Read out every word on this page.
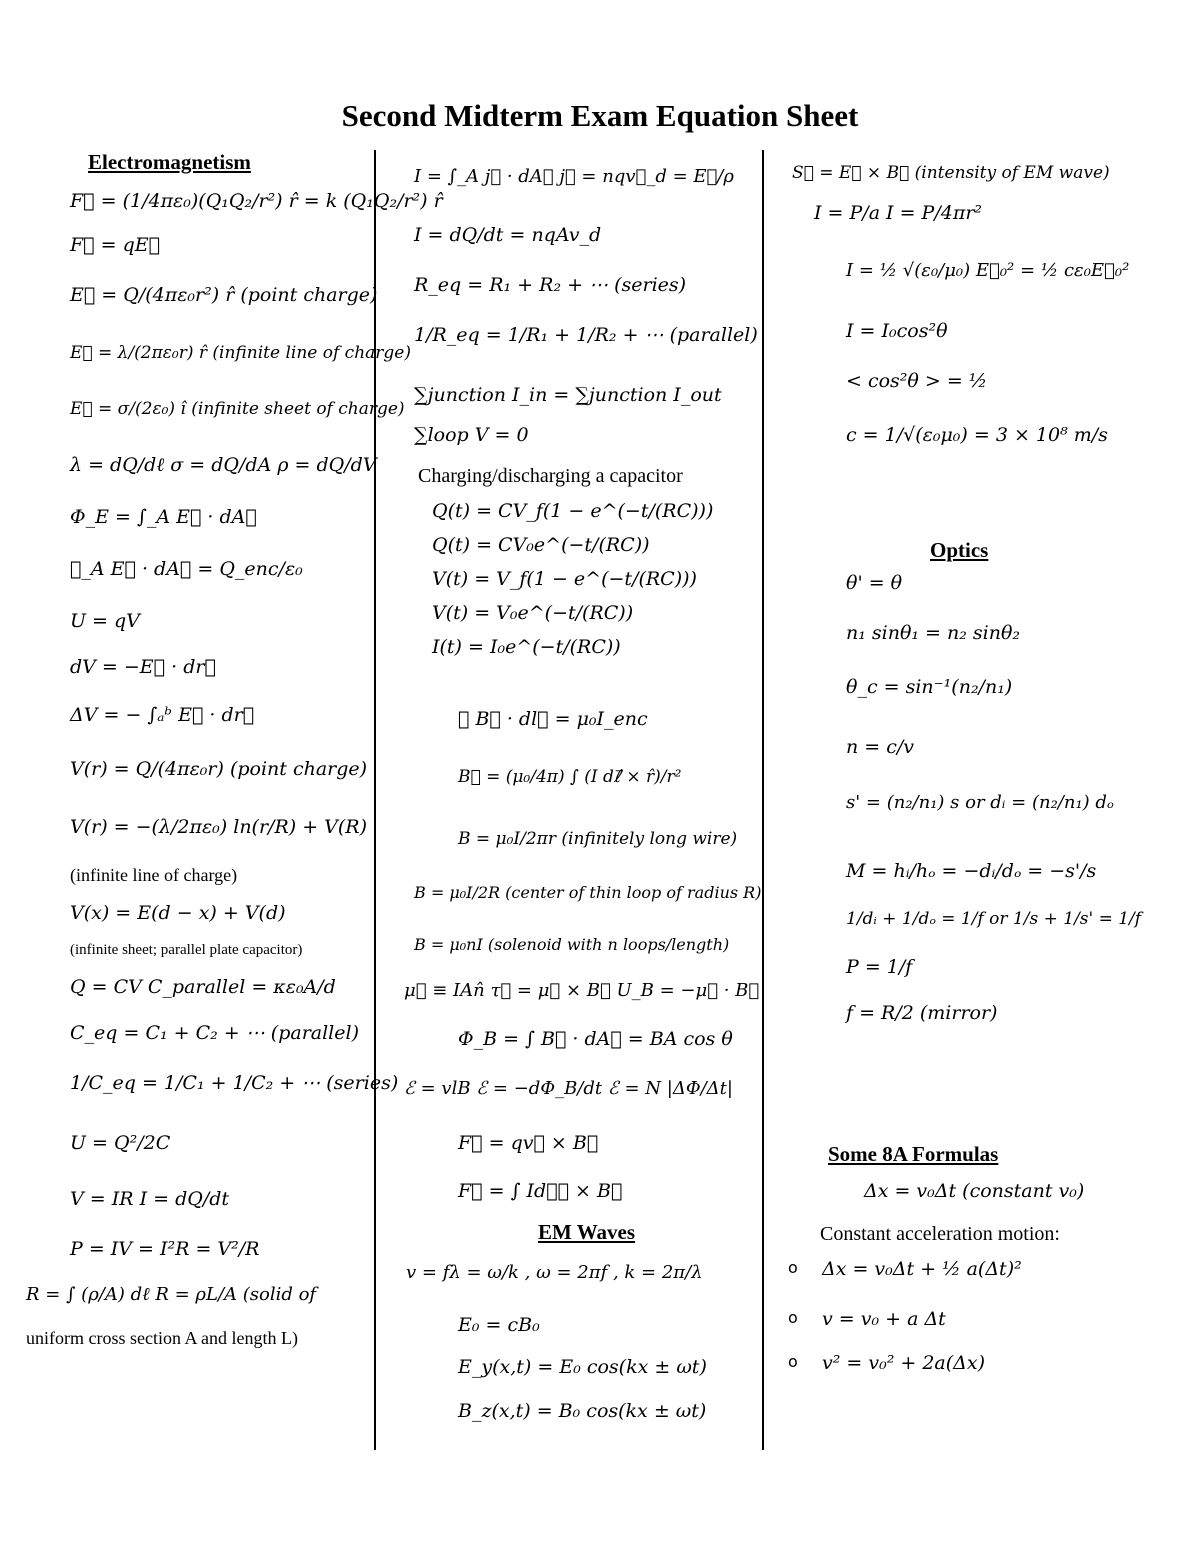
Second Midterm Exam Equation Sheet
Electromagnetism
F⃗ = (1/4πε₀)(Q₁Q₂/r²) r̂ = k (Q₁Q₂/r²) r̂
F⃗ = qE⃗
E⃗ = Q/(4πε₀r²) r̂ (point charge)
E⃗ = λ/(2πε₀r) r̂ (infinite line of charge)
E⃗ = σ/(2ε₀) î (infinite sheet of charge)
λ = dQ/dℓ σ = dQ/dA ρ = dQ/dV
Φ_E = ∫_A E⃗ · dA⃗
∮_A E⃗ · dA⃗ = Q_enc/ε₀
U = qV
dV = −E⃗ · dr⃗
ΔV = − ∫ₐᵇ E⃗ · dr⃗
V(r) = Q/(4πε₀r) (point charge)
V(r) = −(λ/2πε₀) ln(r/R) + V(R)
(infinite line of charge)
V(x) = E(d − x) + V(d)
(infinite sheet; parallel plate capacitor)
Q = CV C_parallel = κε₀A/d
C_eq = C₁ + C₂ + ⋯ (parallel)
1/C_eq = 1/C₁ + 1/C₂ + ⋯ (series)
U = Q²/2C
V = IR I = dQ/dt
P = IV = I²R = V²/R
R = ∫ (ρ/A) dℓ R = ρL/A (solid of
uniform cross section A and length L)
I = ∫_A j⃗ · dA⃗ j⃗ = nqv⃗_d = E⃗/ρ
I = dQ/dt = nqAv_d
R_eq = R₁ + R₂ + ⋯ (series)
1/R_eq = 1/R₁ + 1/R₂ + ⋯ (parallel)
∑junction I_in = ∑junction I_out
∑loop V = 0
Charging/discharging a capacitor
Q(t) = CV_f(1 − e^(−t/(RC)))
Q(t) = CV₀e^(−t/(RC))
V(t) = V_f(1 − e^(−t/(RC)))
V(t) = V₀e^(−t/(RC))
I(t) = I₀e^(−t/(RC))
∮ B⃗ · dl⃗ = μ₀I_enc
B⃗ = (μ₀/4π) ∫ (I dℓ⃗ × r̂)/r²
B = μ₀I/2πr (infinitely long wire)
B = μ₀I/2R (center of thin loop of radius R)
B = μ₀nI (solenoid with n loops/length)
μ⃗ ≡ IAn̂ τ⃗ = μ⃗ × B⃗ U_B = −μ⃗ · B⃗
Φ_B = ∫ B⃗ · dA⃗ = BA cos θ
ℰ = vlB ℰ = −dΦ_B/dt ℰ = N |ΔΦ/Δt|
F⃗ = qv⃗ × B⃗
F⃗ = ∫ Idℓ⃗ × B⃗
EM Waves
v = fλ = ω/k , ω = 2πf , k = 2π/λ
E₀ = cB₀
E_y(x,t) = E₀ cos(kx ± ωt)
B_z(x,t) = B₀ cos(kx ± ωt)
S⃗ = E⃗ × B⃗ (intensity of EM wave)
I = P/a I = P/4πr²
I = ½ √(ε₀/μ₀) E⃗₀² = ½ cε₀E⃗₀²
I = I₀cos²θ
< cos²θ > = ½
c = 1/√(ε₀μ₀) = 3 × 10⁸ m/s
Optics
θ' = θ
n₁ sinθ₁ = n₂ sinθ₂
θ_c = sin⁻¹(n₂/n₁)
n = c/v
s' = (n₂/n₁) s or dᵢ = (n₂/n₁) dₒ
M = hᵢ/hₒ = −dᵢ/dₒ = −s'/s
1/dᵢ + 1/dₒ = 1/f or 1/s + 1/s' = 1/f
P = 1/f
f = R/2 (mirror)
Some 8A Formulas
Δx = v₀Δt (constant v₀)
Constant acceleration motion:
o Δx = v₀Δt + ½ a(Δt)²
o v = v₀ + a Δt
o v² = v₀² + 2a(Δx)
